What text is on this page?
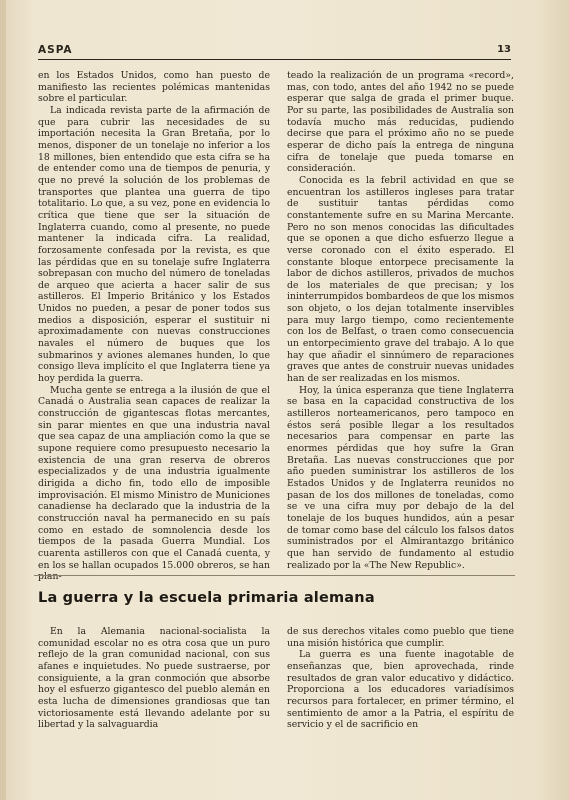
ASPA	13

en los Estados Unidos, como han puesto de manifiesto las recientes polémicas mantenidas sobre el particular.

La indicada revista parte de la afirmación de que para cubrir las necesidades de su importación necesita la Gran Bretaña, por lo menos, disponer de un tonelaje no inferior a los 18 millones, bien entendido que esta cifra se ha de entender como una de tiempos de penuria, y que no prevé la solución de los problemas de transportes que plantea una guerra de tipo totalitario. Lo que, a su vez, pone en evidencia lo crítica que tiene que ser la situación de Inglaterra cuando, como al presente, no puede mantener la indicada cifra. La realidad, forzosamente confesada por la revista, es que las pérdidas que en su tonelaje sufre Inglaterra sobrepasan con mucho del número de toneladas de arqueo que acierta a hacer salir de sus astilleros. El Imperio Británico y los Estados Unidos no pueden, a pesar de poner todos sus medios a disposición, esperar el sustituir ni aproximadamente con nuevas construcciones navales el número de buques que los submarinos y aviones alemanes hunden, lo que consigo lleva implícito el que Inglaterra tiene ya hoy perdida la guerra.

Mucha gente se entrega a la ilusión de que el Canadá o Australia sean capaces de realizar la construcción de gigantescas flotas mercantes, sin parar mientes en que una industria naval que sea capaz de una ampliación como la que se supone requiere como presupuesto necesario la existencia de una gran reserva de obreros especializados y de una industria igualmente dirigida a dicho fin, todo ello de imposible improvisación. El mismo Ministro de Municiones canadiense ha declarado que la industria de la construcción naval ha permanecido en su país como en estado de somnolencia desde los tiempos de la pasada Guerra Mundial. Los cuarenta astilleros con que el Canadá cuenta, y en los se hallan ocupados 15.000 obreros, se han plan-

teado la realización de un programa «record», mas, con todo, antes del año 1942 no se puede esperar que salga de grada el primer buque. Por su parte, las posibilidades de Australia son todavía mucho más reducidas, pudiendo decirse que para el próximo año no se puede esperar de dicho país la entrega de ninguna cifra de tonelaje que pueda tomarse en consideración.

Conocida es la febril actividad en que se encuentran los astilleros ingleses para tratar de sustituir tantas pérdidas como constantemente sufre en su Marina Mercante. Pero no son menos conocidas las dificultades que se oponen a que dicho esfuerzo llegue a verse coronado con el éxito esperado. El constante bloque entorpece precisamente la labor de dichos astilleros, privados de muchos de los materiales de que precisan; y los ininterrumpidos bombardeos de que los mismos son objeto, o los dejan totalmente inservibles para muy largo tiempo, como recientemente con los de Belfast, o traen como consecuencia un entorpecimiento grave del trabajo. A lo que hay que añadir el sinnúmero de reparaciones graves que antes de construir nuevas unidades han de ser realizadas en los mismos.

Hoy, la única esperanza que tiene Inglaterra se basa en la capacidad constructiva de los astilleros norteamericanos, pero tampoco en éstos será posible llegar a los resultados necesarios para compensar en parte las enormes pérdidas que hoy sufre la Gran Bretaña. Las nuevas construcciones que por año pueden suministrar los astilleros de los Estados Unidos y de Inglaterra reunidos no pasan de los dos millones de toneladas, como se ve una cifra muy por debajo de la del tonelaje de los buques hundidos, aún a pesar de tomar como base del cálculo los falsos datos suministrados por el Almirantazgo británico que han servido de fundamento al estudio realizado por la «The New Republic».

La guerra y la escuela primaria alemana

En la Alemania nacional-socialista la comunidad escolar no es otra cosa que un puro reflejo de la gran comunidad nacional, con sus afanes e inquietudes. No puede sustraerse, por consiguiente, a la gran conmoción que absorbe hoy el esfuerzo gigantesco del pueblo alemán en esta lucha de dimensiones grandiosas que tan victoriosamente está llevando adelante por su libertad y la salvaguardia

de sus derechos vitales como pueblo que tiene una misión histórica que cumplir.

La guerra es una fuente inagotable de enseñanzas que, bien aprovechada, rinde resultados de gran valor educativo y didáctico. Proporciona a los educadores variadísimos recursos para fortalecer, en primer término, el sentimiento de amor a la Patria, el espíritu de servicio y el de sacrificio en
